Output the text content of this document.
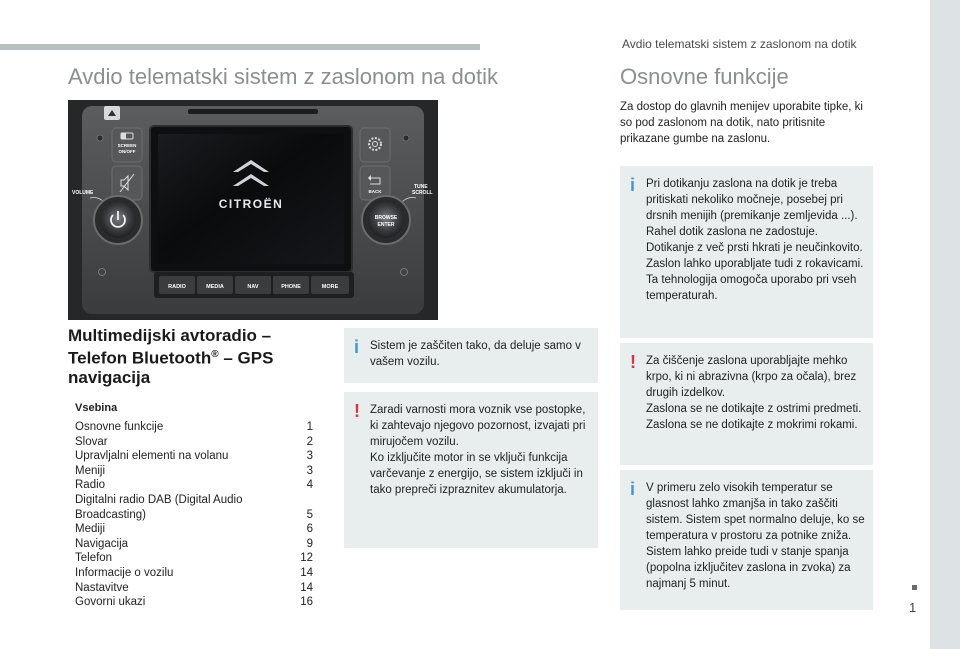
Avdio telematski sistem z zaslonom na dotik
Avdio telematski sistem z zaslonom na dotik
CITROËN
SCREEN
ON/OFF
BACK
VOLUME
TUNE
SCROLL
BROWSE
ENTER
RADIO	MEDIA	NAV	PHONE	MORE
Multimedijski avtoradio –
Telefon Bluetooth® – GPS
navigacija
Vsebina
Osnovne funkcije	1
Slovar	2
Upravljalni elementi na volanu	3
Meniji	3
Radio	4
Digitalni radio DAB (Digital Audio Broadcasting)	5
Mediji	6
Navigacija	9
Telefon	12
Informacije o vozilu	14
Nastavitve	14
Govorni ukazi	16
i Sistem je zaščiten tako, da deluje samo v vašem vozilu.
! Zaradi varnosti mora voznik vse postopke, ki zahtevajo njegovo pozornost, izvajati pri mirujočem vozilu.
Ko izključite motor in se vključi funkcija varčevanje z energijo, se sistem izključi in tako prepreči izpraznitev akumulatorja.
Osnovne funkcije
Za dostop do glavnih menijev uporabite tipke, ki so pod zaslonom na dotik, nato pritisnite prikazane gumbe na zaslonu.
i Pri dotikanju zaslona na dotik je treba pritiskati nekoliko močneje, posebej pri drsnih menijih (premikanje zemljevida ...). Rahel dotik zaslona ne zadostuje. Dotikanje z več prsti hkrati je neučinkovito.
Zaslon lahko uporabljate tudi z rokavicami. Ta tehnologija omogoča uporabo pri vseh temperaturah.
! Za čiščenje zaslona uporabljajte mehko krpo, ki ni abrazivna (krpo za očala), brez drugih izdelkov.
Zaslona se ne dotikajte z ostrimi predmeti.
Zaslona se ne dotikajte z mokrimi rokami.
i V primeru zelo visokih temperatur se glasnost lahko zmanjša in tako zaščiti sistem. Sistem spet normalno deluje, ko se temperatura v prostoru za potnike zniža.
Sistem lahko preide tudi v stanje spanja (popolna izključitev zaslona in zvoka) za najmanj 5 minut.
1
